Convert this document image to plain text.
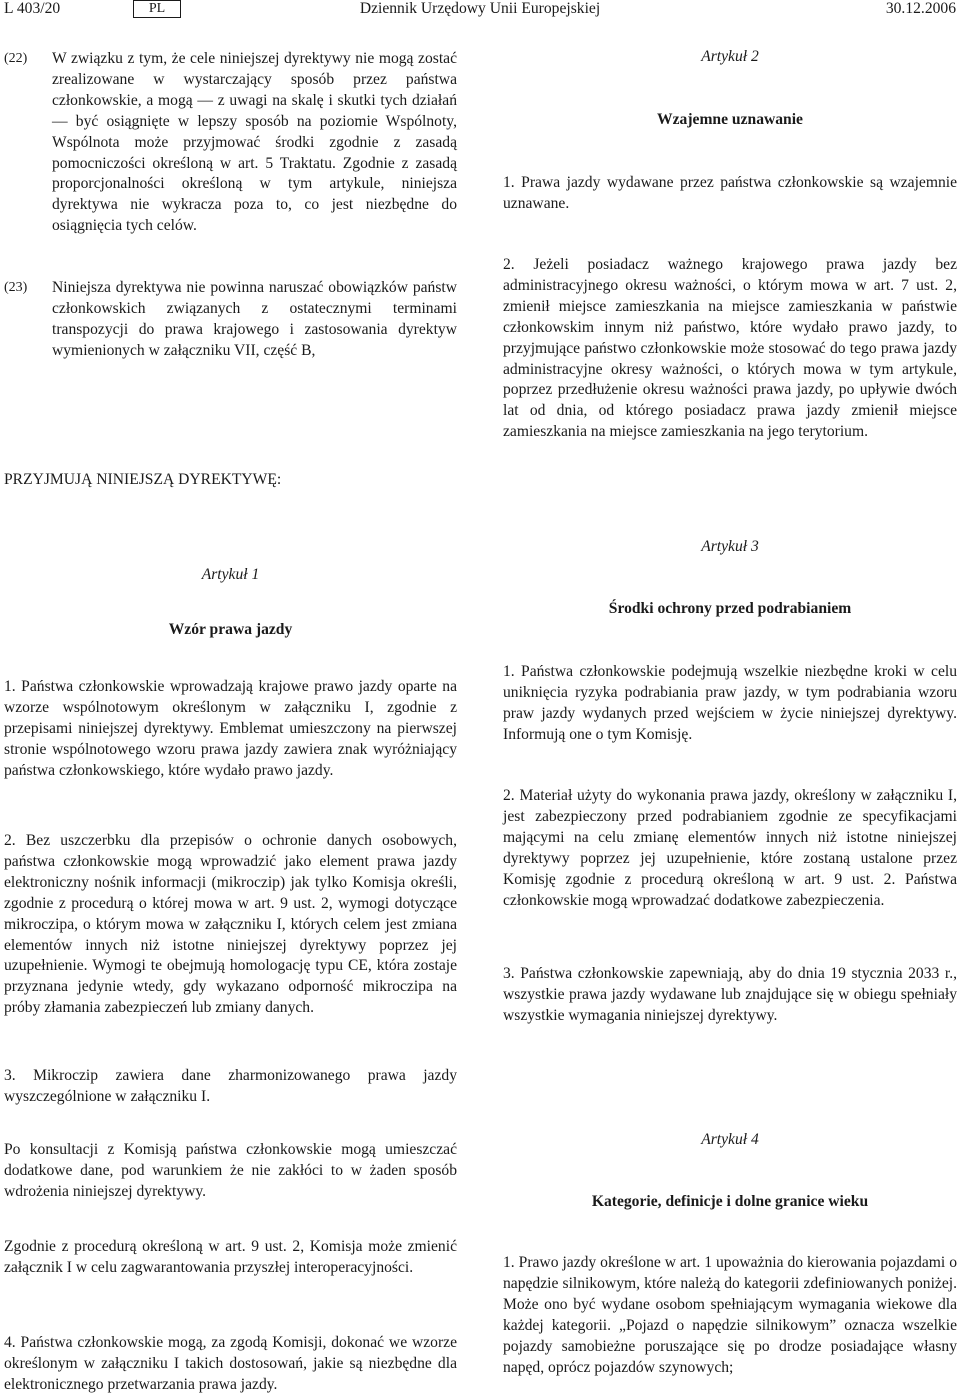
L 403/20	PL	Dziennik Urzędowy Unii Europejskiej	30.12.2006
(22) W związku z tym, że cele niniejszej dyrektywy nie mogą zostać zrealizowane w wystarczający sposób przez państwa członkowskie, a mogą — z uwagi na skalę i skutki tych działań — być osiągnięte w lepszy sposób na poziomie Wspólnoty, Wspólnota może przyjmować środki zgodnie z zasadą pomocniczości określoną w art. 5 Traktatu. Zgodnie z zasadą proporcjonalności określoną w tym artykule, niniejsza dyrektywa nie wykracza poza to, co jest niezbędne do osiągnięcia tych celów.

(23) Niniejsza dyrektywa nie powinna naruszać obowiązków państw członkowskich związanych z ostatecznymi terminami transpozycji do prawa krajowego i zastosowania dyrektyw wymienionych w załączniku VII, część B,

PRZYJMUJĄ NINIEJSZĄ DYREKTYWĘ:
Artykuł 1
Wzór prawa jazdy
1. Państwa członkowskie wprowadzają krajowe prawo jazdy oparte na wzorze wspólnotowym określonym w załączniku I, zgodnie z przepisami niniejszej dyrektywy. Emblemat umieszczony na pierwszej stronie wspólnotowego wzoru prawa jazdy zawiera znak wyróżniający państwa członkowskiego, które wydało prawo jazdy.
2. Bez uszczerbku dla przepisów o ochronie danych osobowych, państwa członkowskie mogą wprowadzić jako element prawa jazdy elektroniczny nośnik informacji (mikroczip) jak tylko Komisja określi, zgodnie z procedurą o której mowa w art. 9 ust. 2, wymogi dotyczące mikroczipa, o którym mowa w załączniku I, których celem jest zmiana elementów innych niż istotne niniejszej dyrektywy poprzez jej uzupełnienie. Wymogi te obejmują homologację typu CE, która zostaje przyznana jedynie wtedy, gdy wykazano odporność mikroczipa na próby złamania zabezpieczeń lub zmiany danych.
3. Mikroczip zawiera dane zharmonizowanego prawa jazdy wyszczególnione w załączniku I.
Po konsultacji z Komisją państwa członkowskie mogą umieszczać dodatkowe dane, pod warunkiem że nie zakłóci to w żaden sposób wdrożenia niniejszej dyrektywy.
Zgodnie z procedurą określoną w art. 9 ust. 2, Komisja może zmienić załącznik I w celu zagwarantowania przyszłej interoperacyjności.
4. Państwa członkowskie mogą, za zgodą Komisji, dokonać we wzorze określonym w załączniku I takich dostosowań, jakie są niezbędne dla elektronicznego przetwarzania prawa jazdy.
Artykuł 2
Wzajemne uznawanie
1. Prawa jazdy wydawane przez państwa członkowskie są wzajemnie uznawane.
2. Jeżeli posiadacz ważnego krajowego prawa jazdy bez administracyjnego okresu ważności, o którym mowa w art. 7 ust. 2, zmienił miejsce zamieszkania na miejsce zamieszkania w państwie członkowskim innym niż państwo, które wydało prawo jazdy, to przyjmujące państwo członkowskie może stosować do tego prawa jazdy administracyjne okresy ważności, o których mowa w tym artykule, poprzez przedłużenie okresu ważności prawa jazdy, po upływie dwóch lat od dnia, od którego posiadacz prawa jazdy zmienił miejsce zamieszkania na miejsce zamieszkania na jego terytorium.
Artykuł 3
Środki ochrony przed podrabianiem
1. Państwa członkowskie podejmują wszelkie niezbędne kroki w celu uniknięcia ryzyka podrabiania praw jazdy, w tym podrabiania wzoru praw jazdy wydanych przed wejściem w życie niniejszej dyrektywy. Informują one o tym Komisję.
2. Materiał użyty do wykonania prawa jazdy, określony w załączniku I, jest zabezpieczony przed podrabianiem zgodnie ze specyfikacjami mającymi na celu zmianę elementów innych niż istotne niniejszej dyrektywy poprzez jej uzupełnienie, które zostaną ustalone przez Komisję zgodnie z procedurą określoną w art. 9 ust. 2. Państwa członkowskie mogą wprowadzać dodatkowe zabezpieczenia.
3. Państwa członkowskie zapewniają, aby do dnia 19 stycznia 2033 r., wszystkie prawa jazdy wydawane lub znajdujące się w obiegu spełniały wszystkie wymagania niniejszej dyrektywy.
Artykuł 4
Kategorie, definicje i dolne granice wieku
1. Prawo jazdy określone w art. 1 upoważnia do kierowania pojazdami o napędzie silnikowym, które należą do kategorii zdefiniowanych poniżej. Może ono być wydane osobom spełniającym wymagania wiekowe dla każdej kategorii. „Pojazd o napędzie silnikowym” oznacza wszelkie pojazdy samobieżne poruszające się po drodze posiadające własny napęd, oprócz pojazdów szynowych;
